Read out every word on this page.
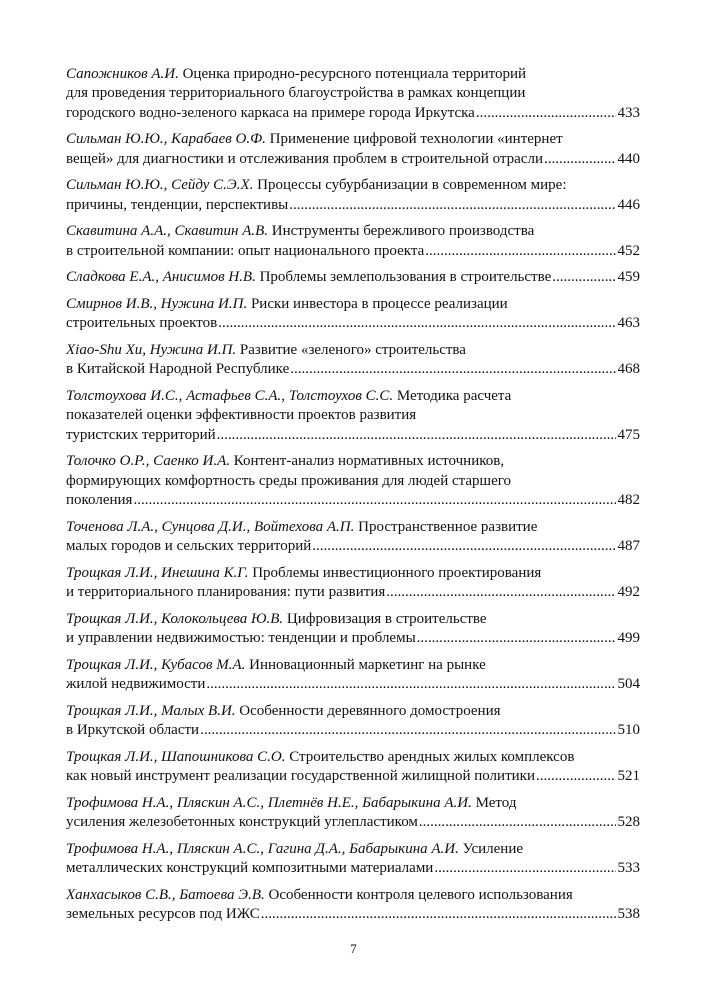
Сапожников А.И. Оценка природно-ресурсного потенциала территорий
для проведения территориального благоустройства в рамках концепции
городского водно-зеленого каркаса на примере города Иркутска .....	433
Сильман Ю.Ю., Карабаев О.Ф. Применение цифровой технологии «интернет
вещей» для диагностики и отслеживания проблем в строительной отрасли .....	440
Сильман Ю.Ю., Сейду С.Э.Х. Процессы субурбанизации в современном мире:
причины, тенденции, перспективы .....	446
Скавитина А.А., Скавитин А.В. Инструменты бережливого производства
в строительной компании: опыт национального проекта .....	452
Сладкова Е.А., Анисимов Н.В. Проблемы землепользования в строительстве .....	459
Смирнов И.В., Нужина И.П. Риски инвестора в процессе реализации
строительных проектов .....	463
Xiao-Shu Xu, Нужина И.П. Развитие «зеленого» строительства
в Китайской Народной Республике .....	468
Толстоухова И.С., Астафьев С.А., Толстоухов С.С. Методика расчета
показателей оценки эффективности проектов развития
туристских территорий .....	475
Толочко О.Р., Саенко И.А. Контент-анализ нормативных источников,
формирующих комфортность среды проживания для людей старшего
поколения .....	482
Точенова Л.А., Сунцова Д.И., Войтехова А.П. Пространственное развитие
малых городов и сельских территорий .....	487
Трощкая Л.И., Инешина К.Г. Проблемы инвестиционного проектирования
и территориального планирования: пути развития .....	492
Трощкая Л.И., Колокольцева Ю.В. Цифровизация в строительстве
и управлении недвижимостью: тенденции и проблемы .....	499
Трощкая Л.И., Кубасов М.А. Инновационный маркетинг на рынке
жилой недвижимости .....	504
Трощкая Л.И., Малых В.И. Особенности деревянного домостроения
в Иркутской области .....	510
Трощкая Л.И., Шапошникова С.О. Строительство арендных жилых комплексов
как новый инструмент реализации государственной жилищной политики .....	521
Трофимова Н.А., Пляскин А.С., Плетнёв Н.Е., Бабарыкина А.И. Метод
усиления железобетонных конструкций углепластиком .....	528
Трофимова Н.А., Пляскин А.С., Гагина Д.А., Бабарыкина А.И. Усиление
металлических конструкций композитными материалами .....	533
Ханхасыков С.В., Батоева Э.В. Особенности контроля целевого использования
земельных ресурсов под ИЖС .....	538
7
